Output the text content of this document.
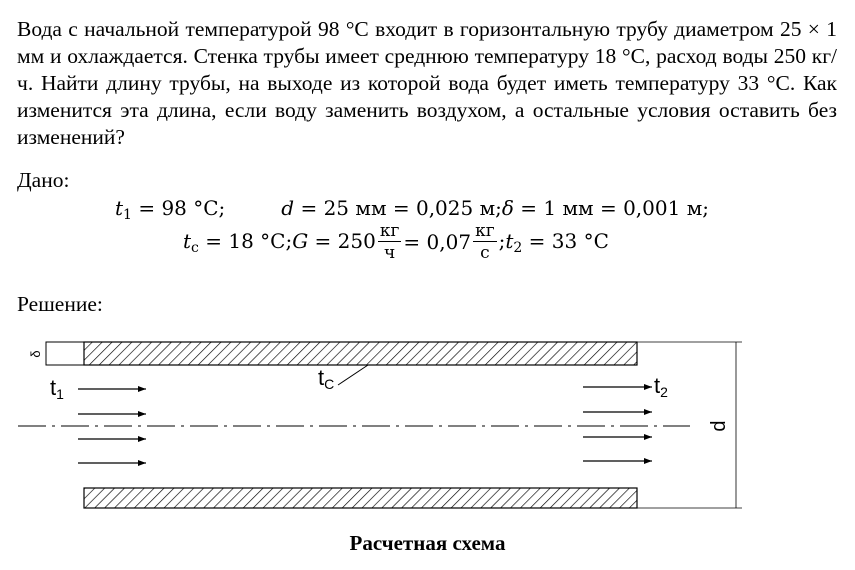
Вода с начальной температурой 98 °С входит в горизонтальную трубу диаметром 25 × 1 мм и охлаждается. Стенка трубы имеет среднюю температуру 18 °С, расход воды 250 кг/ч. Найти длину трубы, на выходе из которой вода будет иметь температуру 33 °С. Как изменится эта длина, если воду заменить воздухом, а остальные условия оставить без изменений?

Дано:

$t_1 = 98$ °C;	d = 25 мм = 0,025 м;δ = 1 мм = 0,001 м;
$t_с = 18$ °C;G = $250 \frac{кг}{ч} = 0,07 \frac{кг}{с}$ $;t_2 = 33$ °C

Решение:

δ
d
t1
tC	t2

Расчетная схема
